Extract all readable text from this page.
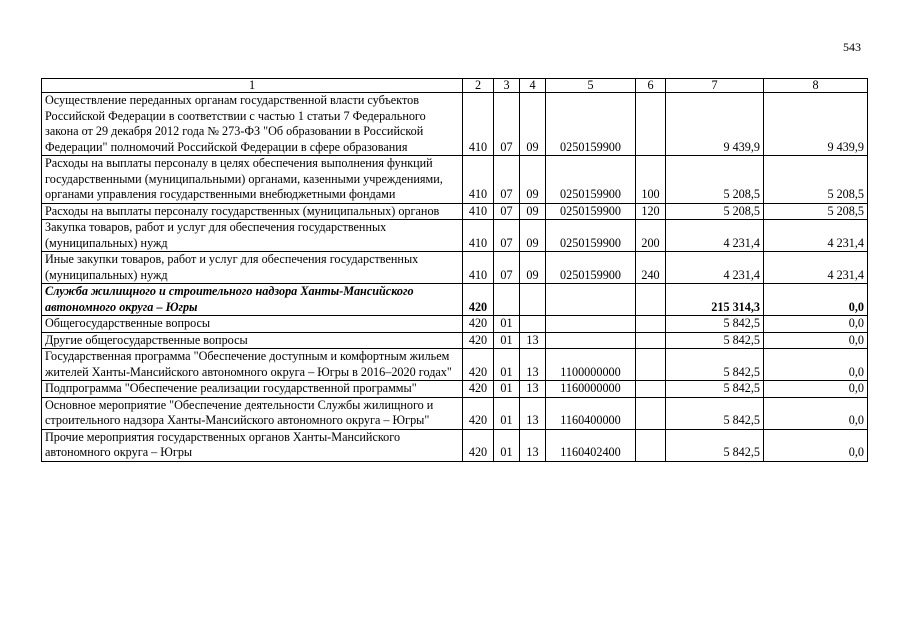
543
1	2	3	4	5	6	7	8
Осуществление переданных органам государственной власти субъектов Российской Федерации в соответствии с частью 1 статьи 7 Федерального закона от 29 декабря 2012 года № 273-ФЗ "Об образовании в Российской Федерации" полномочий Российской Федерации в сфере образования	410	07	09	0250159900		9 439,9	9 439,9
Расходы на выплаты персоналу в целях обеспечения выполнения функций государственными (муниципальными) органами, казенными учреждениями, органами управления государственными внебюджетными фондами	410	07	09	0250159900	100	5 208,5	5 208,5
Расходы на выплаты персоналу государственных (муниципальных) органов	410	07	09	0250159900	120	5 208,5	5 208,5
Закупка товаров, работ и услуг для обеспечения государственных (муниципальных) нужд	410	07	09	0250159900	200	4 231,4	4 231,4
Иные закупки товаров, работ и услуг для обеспечения государственных (муниципальных) нужд	410	07	09	0250159900	240	4 231,4	4 231,4
Служба жилищного и строительного надзора Ханты-Мансийского автономного округа – Югры	420					215 314,3	0,0
Общегосударственные вопросы	420	01				5 842,5	0,0
Другие общегосударственные вопросы	420	01	13			5 842,5	0,0
Государственная программа "Обеспечение доступным и комфортным жильем жителей Ханты-Мансийского автономного округа – Югры в 2016–2020 годах"	420	01	13	1100000000		5 842,5	0,0
Подпрограмма "Обеспечение реализации государственной программы"	420	01	13	1160000000		5 842,5	0,0
Основное мероприятие "Обеспечение деятельности Службы жилищного и строительного надзора Ханты-Мансийского автономного округа – Югры"	420	01	13	1160400000		5 842,5	0,0
Прочие мероприятия государственных органов Ханты-Мансийского автономного округа – Югры	420	01	13	1160402400		5 842,5	0,0
